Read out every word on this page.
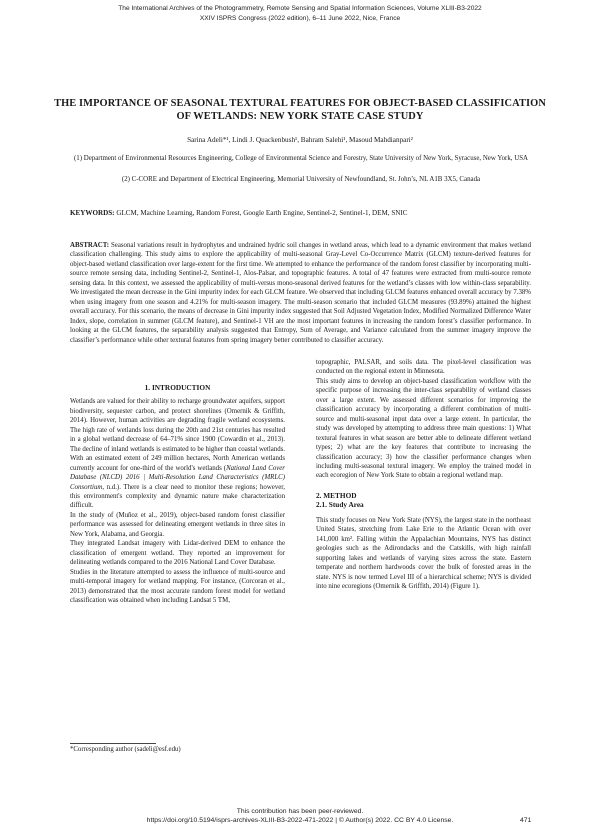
The International Archives of the Photogrammetry, Remote Sensing and Spatial Information Sciences, Volume XLIII-B3-2022
XXIV ISPRS Congress (2022 edition), 6–11 June 2022, Nice, France
THE IMPORTANCE OF SEASONAL TEXTURAL FEATURES FOR OBJECT-BASED CLASSIFICATION OF WETLANDS: NEW YORK STATE CASE STUDY
Sarina Adeli*¹, Lindi J. Quackenbush¹, Bahram Salehi¹, Masoud Mahdianpari²
(1) Department of Environmental Resources Engineering, College of Environmental Science and Forestry, State University of New York, Syracuse, New York, USA
(2) C-CORE and Department of Electrical Engineering, Memorial University of Newfoundland, St. John’s, NL A1B 3X5, Canada
KEYWORDS: GLCM, Machine Learning, Random Forest, Google Earth Engine, Sentinel-2, Sentinel-1, DEM, SNIC
ABSTRACT: Seasonal variations result in hydrophytes and undrained hydric soil changes in wetland areas, which lead to a dynamic environment that makes wetland classification challenging. This study aims to explore the applicability of multi-seasonal Gray-Level Co-Occurrence Matrix (GLCM) texture-derived features for object-based wetland classification over large-extent for the first time. We attempted to enhance the performance of the random forest classifier by incorporating multi-source remote sensing data, including Sentinel-2, Sentinel-1, Alos-Palsar, and topographic features. A total of 47 features were extracted from multi-source remote sensing data. In this context, we assessed the applicability of multi-versus mono-seasonal derived features for the wetland’s classes with low within-class separability. We investigated the mean decrease in the Gini impurity index for each GLCM feature. We observed that including GLCM features enhanced overall accuracy by 7.38% when using imagery from one season and 4.21% for multi-season imagery. The multi-season scenario that included GLCM measures (93.89%) attained the highest overall accuracy. For this scenario, the means of decrease in Gini impurity index suggested that Soil Adjusted Vegetation Index, Modified Normalized Difference Water Index, slope, correlation in summer (GLCM feature), and Sentinel-1 VH are the most important features in increasing the random forest’s classifier performance. In looking at the GLCM features, the separability analysis suggested that Entropy, Sum of Average, and Variance calculated from the summer imagery improve the classifier’s performance while other textural features from spring imagery better contributed to classifier accuracy.

1. INTRODUCTION

Wetlands are valued for their ability to recharge groundwater aquifers, support biodiversity, sequester carbon, and protect shorelines (Omernik & Griffith, 2014). However, human activities are degrading fragile wetland ecosystems. The high rate of wetlands loss during the 20th and 21st centuries has resulted in a global wetland decrease of 64–71% since 1900 (Cowardin et al., 2013). The decline of inland wetlands is estimated to be higher than coastal wetlands. With an estimated extent of 249 million hectares, North American wetlands currently account for one-third of the world's wetlands (National Land Cover Database (NLCD) 2016 | Multi-Resolution Land Characteristics (MRLC) Consortium, n.d.). There is a clear need to monitor these regions; however, this environment's complexity and dynamic nature make characterization difficult.

In the study of (Muñoz et al., 2019), object-based random forest classifier performance was assessed for delineating emergent wetlands in three sites in New York, Alabama, and Georgia.

They integrated Landsat imagery with Lidar-derived DEM to enhance the classification of emergent wetland. They reported an improvement for delineating wetlands compared to the 2016 National Land Cover Database.

Studies in the literature attempted to assess the influence of multi-source and multi-temporal imagery for wetland mapping. For instance, (Corcoran et al., 2013) demonstrated that the most accurate random forest model for wetland classification was obtained when including Landsat 5 TM,

topographic, PALSAR, and soils data. The pixel-level classification was conducted on the regional extent in Minnesota.

This study aims to develop an object-based classification workflow with the specific purpose of increasing the inter-class separability of wetland classes over a large extent. We assessed different scenarios for improving the classification accuracy by incorporating a different combination of multi-source and multi-seasonal input data over a large extent. In particular, the study was developed by attempting to address three main questions: 1) What textural features in what season are better able to delineate different wetland types; 2) what are the key features that contribute to increasing the classification accuracy; 3) how the classifier performance changes when including multi-seasonal textural imagery. We employ the trained model in each ecoregion of New York State to obtain a regional wetland map.

2. METHOD

2.1. Study Area

This study focuses on New York State (NYS), the largest state in the northeast United States, stretching from Lake Erie to the Atlantic Ocean with over 141,000 km². Falling within the Appalachian Mountains, NYS has distinct geologies such as the Adirondacks and the Catskills, with high rainfall supporting lakes and wetlands of varying sizes across the state. Eastern temperate and northern hardwoods cover the bulk of forested areas in the state. NYS is now termed Level III of a hierarchical scheme; NYS is divided into nine ecoregions (Omernik & Griffith, 2014) (Figure 1).

*Corresponding author (sadeli@esf.edu)
This contribution has been peer-reviewed.
https://doi.org/10.5194/isprs-archives-XLIII-B3-2022-471-2022 | © Author(s) 2022. CC BY 4.0 License.	471
